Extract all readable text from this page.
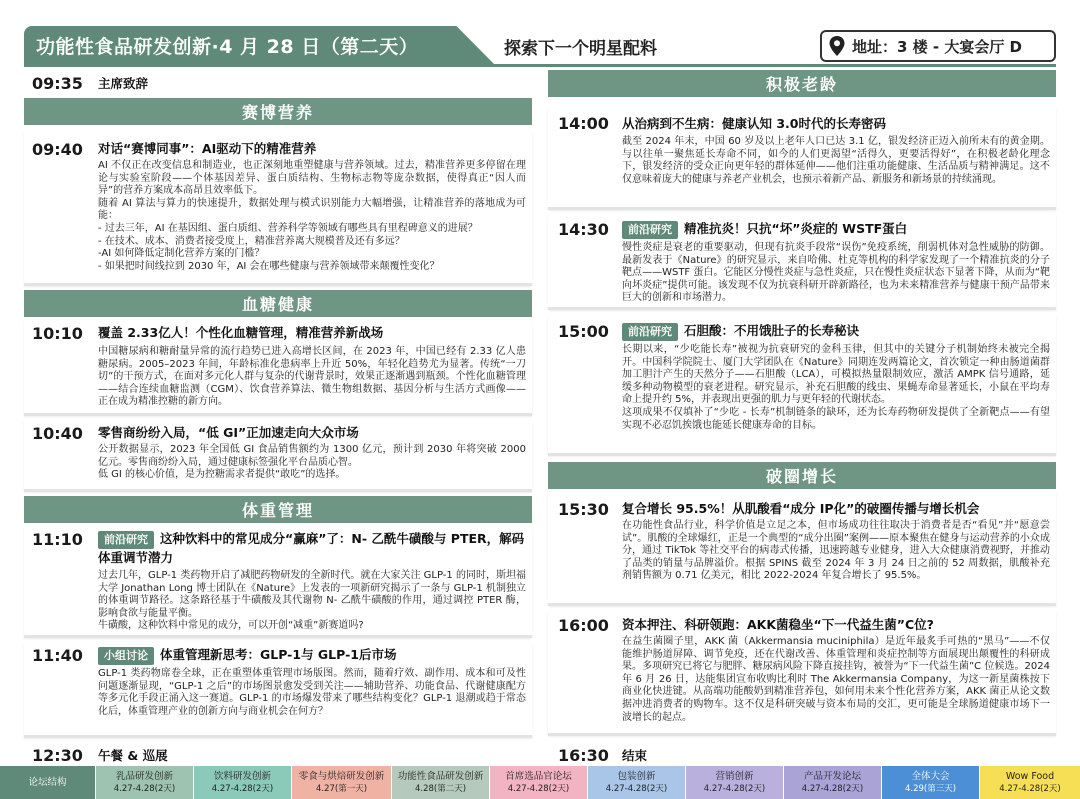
功能性食品研发创新·4 月 28 日（第二天）	探索下一个明星配料	地址：3 楼 - 大宴会厅 D
09:35 主席致辞
赛博营养
09:40 对话“赛博同事”：AI驱动下的精准营养
AI 不仅正在改变信息和制造业，也正深刻地重塑健康与营养领域。过去，精准营养更多停留在理论与实验室阶段——个体基因差异、蛋白质结构、生物标志物等庞杂数据，使得真正“因人而异”的营养方案成本高昂且效率低下。
随着 AI 算法与算力的快速提升，数据处理与模式识别能力大幅增强，让精准营养的落地成为可能：
- 过去三年，AI 在基因组、蛋白质组、营养科学等领域有哪些具有里程碑意义的进展？
- 在技术、成本、消费者接受度上，精准营养离大规模普及还有多远？
-AI 如何降低定制化营养方案的门槛？
- 如果把时间线拉到 2030 年，AI 会在哪些健康与营养领域带来颠覆性变化？
血糖健康
10:10 覆盖 2.33亿人！个性化血糖管理，精准营养新战场
中国糖尿病和糖耐量异常的流行趋势已进入高增长区间，在 2023 年，中国已经有 2.33 亿人患糖尿病。2005–2023 年间，年龄标准化患病率上升近 50%，年轻化趋势尤为显著。传统“一刀切”的干预方式，在面对多元化人群与复杂的代谢背景时，效果正逐渐遇到瓶颈。个性化血糖管理——结合连续血糖监测（CGM）、饮食营养算法、微生物组数据、基因分析与生活方式画像——正在成为精准控糖的新方向。
10:40 零售商纷纷入局，“低 GI”正加速走向大众市场
公开数据显示，2023 年全国低 GI 食品销售额约为 1300 亿元，预计到 2030 年将突破 2000 亿元。零售商纷纷入局，通过健康标签强化平台品质心智。
低 GI 的核心价值，是为控糖需求者提供“敢吃”的选择。
体重管理
11:10	前沿研究 这种饮料中的常见成分“赢麻”了：N- 乙酰牛磺酸与 PTER，解码体重调节潜力
过去几年，GLP-1 类药物开启了减肥药物研发的全新时代。就在大家关注 GLP-1 的同时，斯坦福大学 Jonathan Long 博士团队在《Nature》上发表的一项新研究揭示了一条与 GLP-1 机制独立的体重调节路径。这条路径基于牛磺酸及其代谢物 N- 乙酰牛磺酸的作用，通过调控 PTER 酶，影响食欲与能量平衡。
牛磺酸，这种饮料中常见的成分，可以开创“减重”新赛道吗?
11:40	小组讨论 体重管理新思考：GLP-1与 GLP-1后市场
GLP-1 类药物席卷全球，正在重塑体重管理市场版图。然而，随着疗效、副作用、成本和可及性问题逐渐显现，“GLP-1 之后”的市场图景愈发受到关注——辅助营养、功能食品、代谢健康配方等多元化手段正涌入这一赛道。GLP-1 的市场爆发带来了哪些结构变化？GLP-1 退潮或趋于常态化后，体重管理产业的创新方向与商业机会在何方？
12:30 午餐 & 巡展
积极老龄
14:00 从治病到不生病：健康认知 3.0时代的长寿密码
截至 2024 年末，中国 60 岁及以上老年人口已达 3.1 亿，银发经济正迈入前所未有的黄金期。与以往单一聚焦延长寿命不同，如今的人们更渴望“活得久，更要活得好”，在积极老龄化理念下，银发经济的受众正向更年轻的群体延伸——他们注重功能健康、生活品质与精神满足。这不仅意味着庞大的健康与养老产业机会，也预示着新产品、新服务和新场景的持续涌现。
14:30	前沿研究 精准抗炎！只抗“坏”炎症的 WSTF蛋白
慢性炎症是衰老的重要驱动，但现有抗炎手段常“误伤”免疫系统，削弱机体对急性威胁的防御。最新发表于《Nature》的研究显示，来自哈佛、杜克等机构的科学家发现了一个精准抗炎的分子靶点——WSTF 蛋白。它能区分慢性炎症与急性炎症，只在慢性炎症状态下显著下降，从而为“靶向坏炎症”提供可能。该发现不仅为抗衰科研开辟新路径，也为未来精准营养与健康干预产品带来巨大的创新和市场潜力。
15:00	前沿研究 石胆酸：不用饿肚子的长寿秘诀
长期以来，“少吃能长寿”被视为抗衰研究的金科玉律，但其中的关键分子机制始终未被完全揭开。中国科学院院士、厦门大学团队在《Nature》同期连发两篇论文，首次锁定一种由肠道菌群加工胆汁产生的天然分子——石胆酸（LCA），可模拟热量限制效应，激活 AMPK 信号通路，延缓多种动物模型的衰老进程。研究显示，补充石胆酸的线虫、果蝇寿命显著延长，小鼠在平均寿命上提升约 5%，并表现出更强的肌力与更年轻的代谢状态。
这项成果不仅填补了“少吃 - 长寿”机制链条的缺环，还为长寿药物研发提供了全新靶点——有望实现不必忍饥挨饿也能延长健康寿命的目标。
破圈增长
15:30 复合增长 95.5%！从肌酸看“成分 IP化”的破圈传播与增长机会
在功能性食品行业，科学价值是立足之本，但市场成功往往取决于消费者是否“看见”并“愿意尝试”。肌酸的全球爆红，正是一个典型的“成分出圈”案例——原本聚焦在健身与运动营养的小众成分，通过 TikTok 等社交平台的病毒式传播，迅速跨越专业健身，进入大众健康消费视野，并推动了品类的销量与品牌溢价。根据 SPINS 截至 2024 年 3 月 24 日之前的 52 周数据，肌酸补充剂销售额为 0.71 亿美元，相比 2022-2024 年复合增长了 95.5%。
16:00 资本押注、科研领跑：AKK菌稳坐“下一代益生菌”C位?
在益生菌圈子里，AKK 菌（Akkermansia muciniphila）是近年最炙手可热的“黑马”——不仅能维护肠道屏障、调节免疫，还在代谢改善、体重管理和炎症控制等方面展现出颠覆性的科研成果。多项研究已将它与肥胖、糖尿病风险下降直接挂钩，被誉为“下一代益生菌”C 位候选。2024 年 6 月 26 日，达能集团宣布收购比利时 The Akkermansia Company，为这一新星菌株按下商业化快进键。从高端功能酸奶到精准营养包，如何用未来个性化营养方案，AKK 菌正从论文数据冲进消费者的购物车。这不仅是科研突破与资本布局的交汇，更可能是全球肠道健康市场下一波增长的起点。
16:30 结束
论坛结构
乳品研发创新
4.27-4.28(2天)
饮料研发创新
4.27-4.28(2天)
零食与烘焙研发创新
4.27(第一天)
功能性食品研发创新
4.28(第二天)
首席选品官论坛
4.27-4.28(2天)
包装创新
4.27-4.28(2天)
营销创新
4.27-4.28(2天)
产品开发论坛
4.27-4.28(2天)
全体大会
4.29(第三天)
Wow Food
4.27-4.28(2天)
